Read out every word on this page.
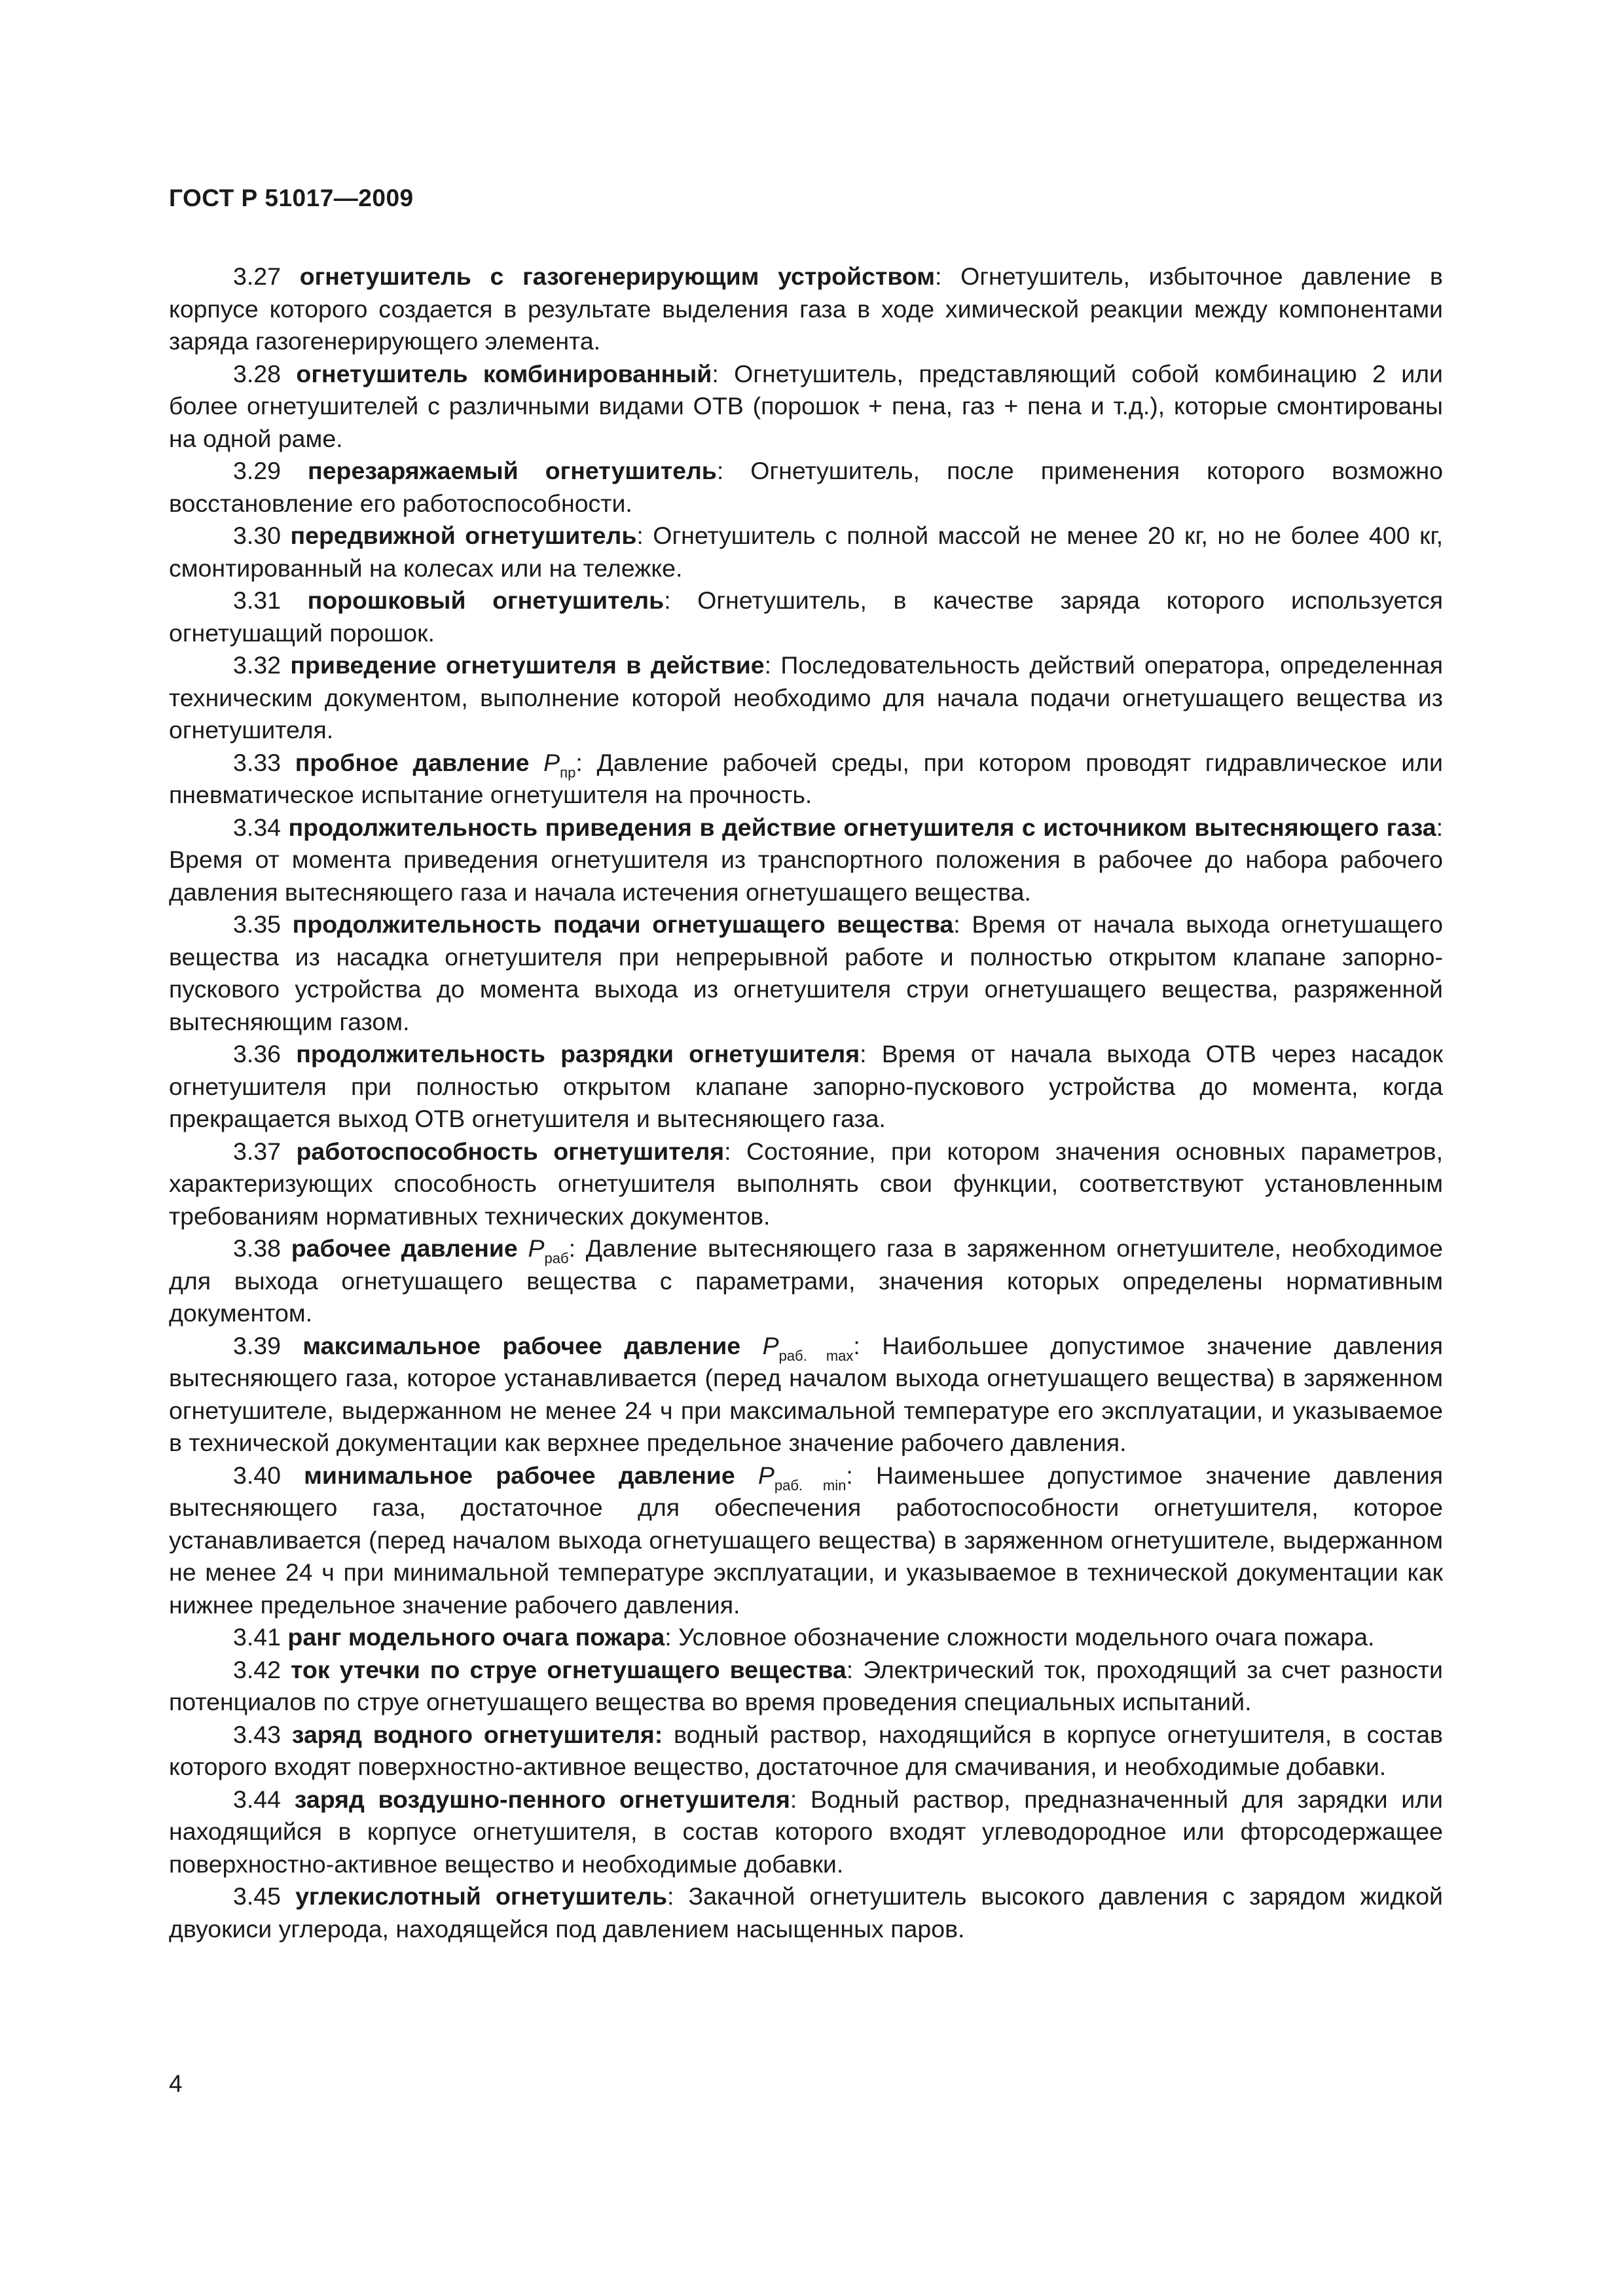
ГОСТ Р 51017—2009

3.27 огнетушитель с газогенерирующим устройством: Огнетушитель, избыточное давление в корпусе которого создается в результате выделения газа в ходе химической реакции между компонентами заряда газогенерирующего элемента.

3.28 огнетушитель комбинированный: Огнетушитель, представляющий собой комбинацию 2 или более огнетушителей с различными видами ОТВ (порошок + пена, газ + пена и т.д.), которые смонтированы на одной раме.

3.29 перезаряжаемый огнетушитель: Огнетушитель, после применения которого возможно восстановление его работоспособности.

3.30 передвижной огнетушитель: Огнетушитель с полной массой не менее 20 кг, но не более 400 кг, смонтированный на колесах или на тележке.

3.31 порошковый огнетушитель: Огнетушитель, в качестве заряда которого используется огнетушащий порошок.

3.32 приведение огнетушителя в действие: Последовательность действий оператора, определенная техническим документом, выполнение которой необходимо для начала подачи огнетушащего вещества из огнетушителя.

3.33 пробное давление $P_{пр}$: Давление рабочей среды, при котором проводят гидравлическое или пневматическое испытание огнетушителя на прочность.

3.34 продолжительность приведения в действие огнетушителя с источником вытесняющего газа: Время от момента приведения огнетушителя из транспортного положения в рабочее до набора рабочего давления вытесняющего газа и начала истечения огнетушащего вещества.

3.35 продолжительность подачи огнетушащего вещества: Время от начала выхода огнетушащего вещества из насадка огнетушителя при непрерывной работе и полностью открытом клапане запорно-пускового устройства до момента выхода из огнетушителя струи огнетушащего вещества, разряженной вытесняющим газом.

3.36 продолжительность разрядки огнетушителя: Время от начала выхода ОТВ через насадок огнетушителя при полностью открытом клапане запорно-пускового устройства до момента, когда прекращается выход ОТВ огнетушителя и вытесняющего газа.

3.37 работоспособность огнетушителя: Состояние, при котором значения основных параметров, характеризующих способность огнетушителя выполнять свои функции, соответствуют установленным требованиям нормативных технических документов.

3.38 рабочее давление $P_{раб}$: Давление вытесняющего газа в заряженном огнетушителе, необходимое для выхода огнетушащего вещества с параметрами, значения которых определены нормативным документом.

3.39 максимальное рабочее давление $P_{раб. max}$: Наибольшее допустимое значение давления вытесняющего газа, которое устанавливается (перед началом выхода огнетушащего вещества) в заряженном огнетушителе, выдержанном не менее 24 ч при максимальной температуре его эксплуатации, и указываемое в технической документации как верхнее предельное значение рабочего давления.

3.40 минимальное рабочее давление $P_{раб. min}$: Наименьшее допустимое значение давления вытесняющего газа, достаточное для обеспечения работоспособности огнетушителя, которое устанавливается (перед началом выхода огнетушащего вещества) в заряженном огнетушителе, выдержанном не менее 24 ч при минимальной температуре эксплуатации, и указываемое в технической документации как нижнее предельное значение рабочего давления.

3.41 ранг модельного очага пожара: Условное обозначение сложности модельного очага пожара.

3.42 ток утечки по струе огнетушащего вещества: Электрический ток, проходящий за счет разности потенциалов по струе огнетушащего вещества во время проведения специальных испытаний.

3.43 заряд водного огнетушителя: водный раствор, находящийся в корпусе огнетушителя, в состав которого входят поверхностно-активное вещество, достаточное для смачивания, и необходимые добавки.

3.44 заряд воздушно-пенного огнетушителя: Водный раствор, предназначенный для зарядки или находящийся в корпусе огнетушителя, в состав которого входят углеводородное или фторсодержащее поверхностно-активное вещество и необходимые добавки.

3.45 углекислотный огнетушитель: Закачной огнетушитель высокого давления с зарядом жидкой двуокиси углерода, находящейся под давлением насыщенных паров.

4
